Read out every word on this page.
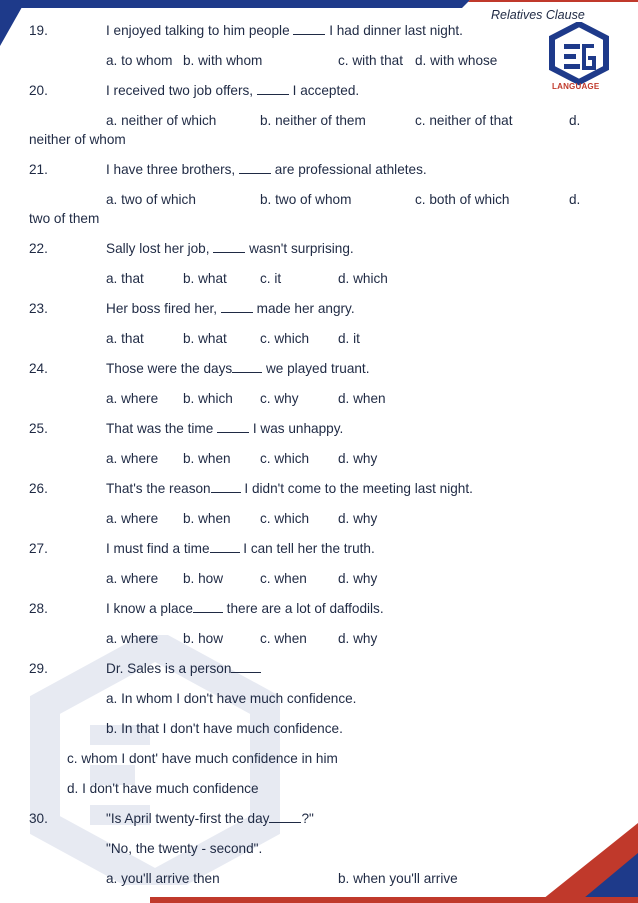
Relatives Clause
LANGUAGE
19.	I enjoyed talking to him people  I had dinner last night.
a. to whom b. with whom	c. with that d. with whose
20.	I received two job offers,  I accepted.
a. neither of which	b. neither of them	c. neither of that	d.
neither of whom
21.	I have three brothers,  are professional athletes.
a. two of which	b. two of whom	c. both of which	d.
two of them
22.	Sally lost her job,  wasn't surprising.
a. that	b. what c. it	d. which
23.	Her boss fired her,  made her angry.
a. that	b. what c. which d. it
24.	Those were the days we played truant.
a. where b. which c. why	d. when
25.	That was the time  I was unhappy.
a. where b. when c. which d. why
26.	That's the reason I didn't come to the meeting last night.
a. where b. when c. which d. why
27.	I must find a time I can tell her the truth.
a. where b. how	c. when d. why
28.	I know a place there are a lot of daffodils.
a. where b. how	c. when d. why
29.	Dr. Sales is a person
a. In whom I don't have much confidence.
b. In that I don't have much confidence.
c. whom I dont' have much confidence in him
d. I don't have much confidence
30.	"Is April twenty-first the day ?"
"No, the twenty - second".
a. you'll arrive then	b. when you'll arrive
